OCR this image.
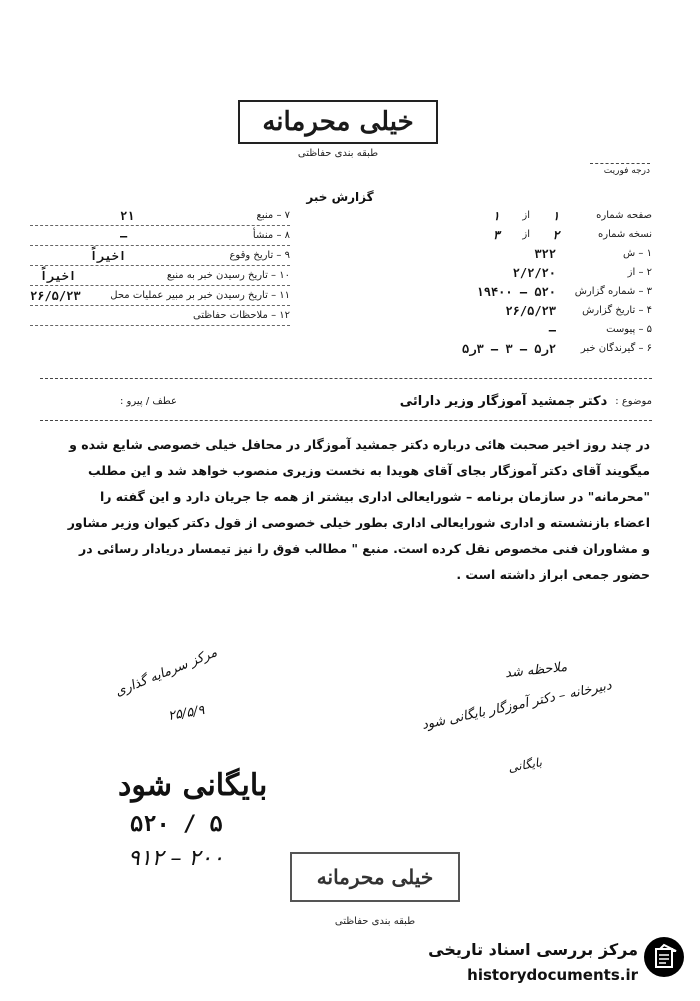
خیلی محرمانه
طبقه بندی حفاظتی
درجه فوریت
گزارش خبر
صفحه شماره
۱
از
۱
نسخه شماره
۲
از
۳
۱ – ش
۳۲۲
۲ – از
۲/۲/۲۰
۳ – شماره گزارش
۵۲۰ – ۱۹۴۰۰
۴ – تاریخ گزارش
۲۶/۵/۲۳
۵ – پیوست
–
۶ – گیرندگان خبر
۲ر۵ – ۳ – ۳ر۵
۷ – منبع
۲۱
۸ – منشأ
–
۹ – تاریخ وقوع
اخیراً
۱۰ – تاریخ رسیدن خبر به منبع
اخیراً
۱۱ – تاریخ رسیدن خبر بر مبیر عملیات محل
۲۶/۵/۲۳
۱۲ – ملاحظات حفاظتی
موضوع :
دکتر جمشید آموزگار وزیر دارائی
عطف / پیرو :
در چند روز اخیر صحبت هائی درباره دکتر جمشید آموزگار در محافل خیلی خصوصی شایع شده و
میگویند آقای دکتر آموزگار بجای آقای هویدا به نخست وزیری منصوب خواهد شد و این مطلب
"محرمانه" در سازمان برنامه – شورایعالی اداری بیشتر از همه جا جریان دارد و این گفته را
اعضاء بازنشسته و اداری شورایعالی اداری بطور خیلی خصوصی از قول دکتر کیوان وزیر مشاور
و مشاوران فنی مخصوص نقل کرده است. منبع " مطالب فوق را نیز تیمسار دریادار رسائی در
حضور جمعی ابراز داشته است .
ملاحظه شد
دبیرخانه – دکتر آموزگار بایگانی شود
بایگانی
مرکز سرمایه گذاری
۲۵/۵/۹
بایگانی شود
۵ / ۵۲۰
۲۰۰ – ۹۱۲
خیلی محرمانه
طبقه بندی حفاظتی
مرکز بررسی اسناد تاریخی
historydocuments.ir
